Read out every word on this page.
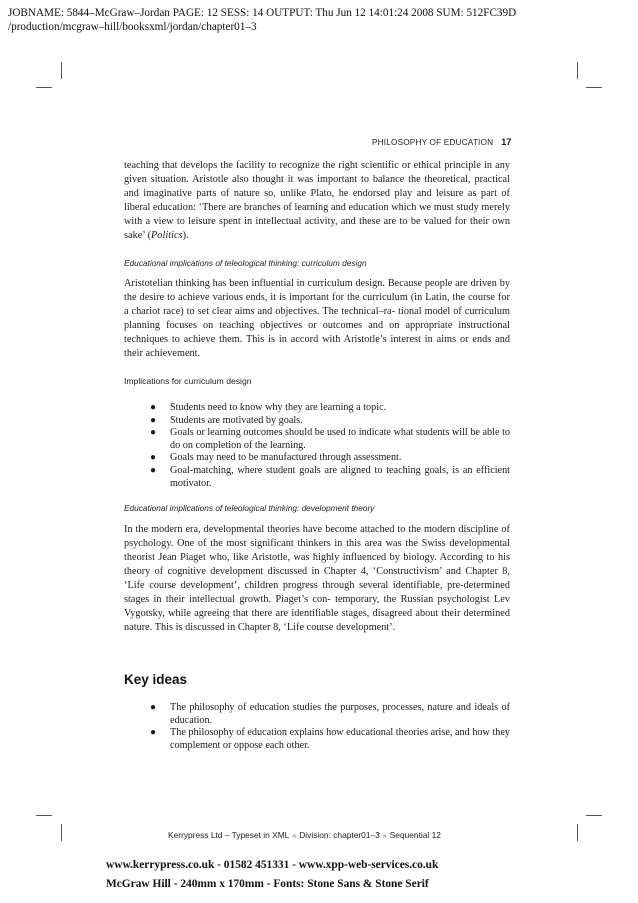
JOBNAME: 5844–McGraw–Jordan PAGE: 12 SESS: 14 OUTPUT: Thu Jun 12 14:01:24 2008 SUM: 512FC39D
/production/mcgraw–hill/booksxml/jordan/chapter01–3
PHILOSOPHY OF EDUCATION 17
teaching that develops the facility to recognize the right scientific or ethical principle in any given situation. Aristotle also thought it was important to balance the theoretical, practical and imaginative parts of nature so, unlike Plato, he endorsed play and leisure as part of liberal education: ‘There are branches of learning and education which we must study merely with a view to leisure spent in intellectual activity, and these are to be valued for their own sake’ (Politics).
Educational implications of teleological thinking: curriculum design
Aristotelian thinking has been influential in curriculum design. Because people are driven by the desire to achieve various ends, it is important for the curriculum (in Latin, the course for a chariot race) to set clear aims and objectives. The technical–ra- tional model of curriculum planning focuses on teaching objectives or outcomes and on appropriate instructional techniques to achieve them. This is in accord with Aristotle’s interest in aims or ends and their achievement.
Implications for curriculum design
● Students need to know why they are learning a topic.
● Students are motivated by goals.
● Goals or learning outcomes should be used to indicate what students will be able to do on completion of the learning.
● Goals may need to be manufactured through assessment.
● Goal-matching, where student goals are aligned to teaching goals, is an efficient motivator.
Educational implications of teleological thinking: development theory
In the modern era, developmental theories have become attached to the modern discipline of psychology. One of the most significant thinkers in this area was the Swiss developmental theorist Jean Piaget who, like Aristotle, was highly influenced by biology. According to his theory of cognitive development discussed in Chapter 4, ‘Constructivism’ and Chapter 8, ‘Life course development’, children progress through several identifiable, pre-determined stages in their intellectual growth. Piaget’s con- temporary, the Russian psychologist Lev Vygotsky, while agreeing that there are identifiable stages, disagreed about their determined nature. This is discussed in Chapter 8, ‘Life course development’.
Key ideas
● The philosophy of education studies the purposes, processes, nature and ideals of education.
● The philosophy of education explains how educational theories arise, and how they complement or oppose each other.
Kerrypress Ltd – Typeset in XML « Division: chapter01–3 » Sequential 12
www.kerrypress.co.uk - 01582 451331 - www.xpp-web-services.co.uk
McGraw Hill - 240mm x 170mm - Fonts: Stone Sans & Stone Serif
